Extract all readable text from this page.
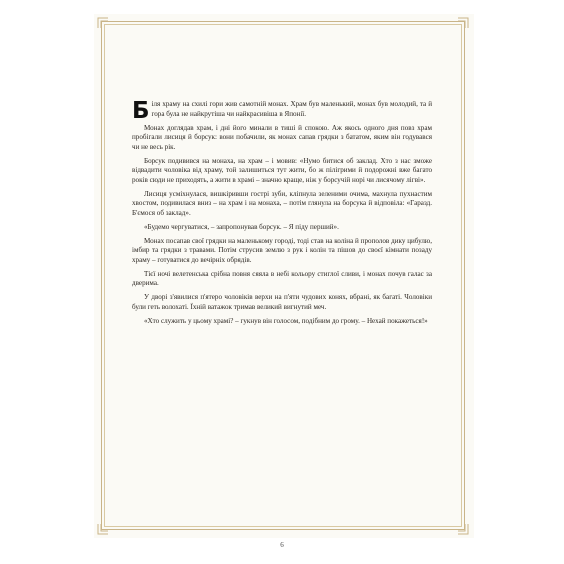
Біля храму на схилі гори жив самотній монах. Храм був маленький, монах був молодий, та й гора була не найкрутіша чи найкрасивіша в Японії.

Монах доглядав храм, і дні його минали в тиші й спокою. Аж якось одного дня повз храм пробігали лисиця й борсук: вони побачили, як монах сапав грядки з бататом, яким він годувався чи не весь рік.

Борсук подивився на монаха, на храм – і мовив: «Нумо битися об заклад. Хто з нас зможе відвадити чоловіка від храму, той залишиться тут жити, бо ж пілігрими й подорожні вже багато років сюди не приходять, а жити в храмі – значно краще, ніж у борсучій норі чи лисячому лігві».

Лисиця усміхнулася, вишкіривши гострі зуби, кліпнула зеленими очима, махнула пухнастим хвостом, подивилася вниз – на храм і на монаха, – потім глянула на борсука й відповіла: «Гаразд. Б'ємося об заклад».

«Будемо чергуватися, – запропонував борсук. – Я піду перший».

Монах посапав свої грядки на маленькому городі, тоді став на коліна й прополов дику цибулю, імбир та грядки з травами. Потім струсив землю з рук і колін та пішов до своєї кімнати позаду храму – готуватися до вечірніх обрядів.

Тієї ночі велетенська срібна повня сяяла в небі кольору стиглої сливи, і монах почув галас за дверима.

У дворі з'явилися п'ятеро чоловіків верхи на п'яти чудових конях, вбрані, як багаті. Чоловіки були геть волохаті. Їхній ватажок тримав великий вигнутий меч.

«Хто служить у цьому храмі? – гукнув він голосом, подібним до грому. – Нехай покажеться!»

6
